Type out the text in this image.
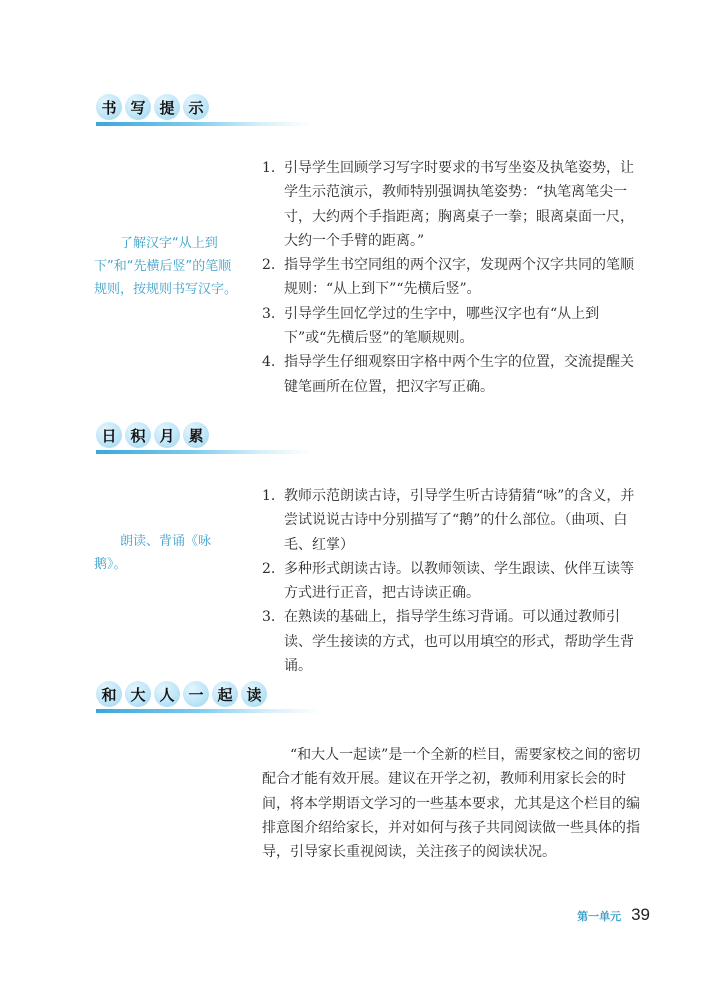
书 写 提 示
了解汉字“从上到下”和“先横后竖”的笔顺规则，按规则书写汉字。
1. 引导学生回顾学习写字时要求的书写坐姿及执笔姿势，让学生示范演示，教师特别强调执笔姿势：“执笔离笔尖一寸，大约两个手指距离；胸离桌子一拳；眼离桌面一尺，大约一个手臂的距离。”
2. 指导学生书空同组的两个汉字，发现两个汉字共同的笔顺规则：“从上到下”“先横后竖”。
3. 引导学生回忆学过的生字中，哪些汉字也有“从上到下”或“先横后竖”的笔顺规则。
4. 指导学生仔细观察田字格中两个生字的位置，交流提醒关键笔画所在位置，把汉字写正确。
日 积 月 累
朗读、背诵《咏鹅》。
1. 教师示范朗读古诗，引导学生听古诗猜猜“咏”的含义，并尝试说说古诗中分别描写了“鹅”的什么部位。（曲项、白毛、红掌）
2. 多种形式朗读古诗。以教师领读、学生跟读、伙伴互读等方式进行正音，把古诗读正确。
3. 在熟读的基础上，指导学生练习背诵。可以通过教师引读、学生接读的方式，也可以用填空的形式，帮助学生背诵。
和 大 人 一 起 读

“和大人一起读”是一个全新的栏目，需要家校之间的密切配合才能有效开展。建议在开学之初，教师利用家长会的时间，将本学期语文学习的一些基本要求，尤其是这个栏目的编排意图介绍给家长，并对如何与孩子共同阅读做一些具体的指导，引导家长重视阅读，关注孩子的阅读状况。

第一单元 39
